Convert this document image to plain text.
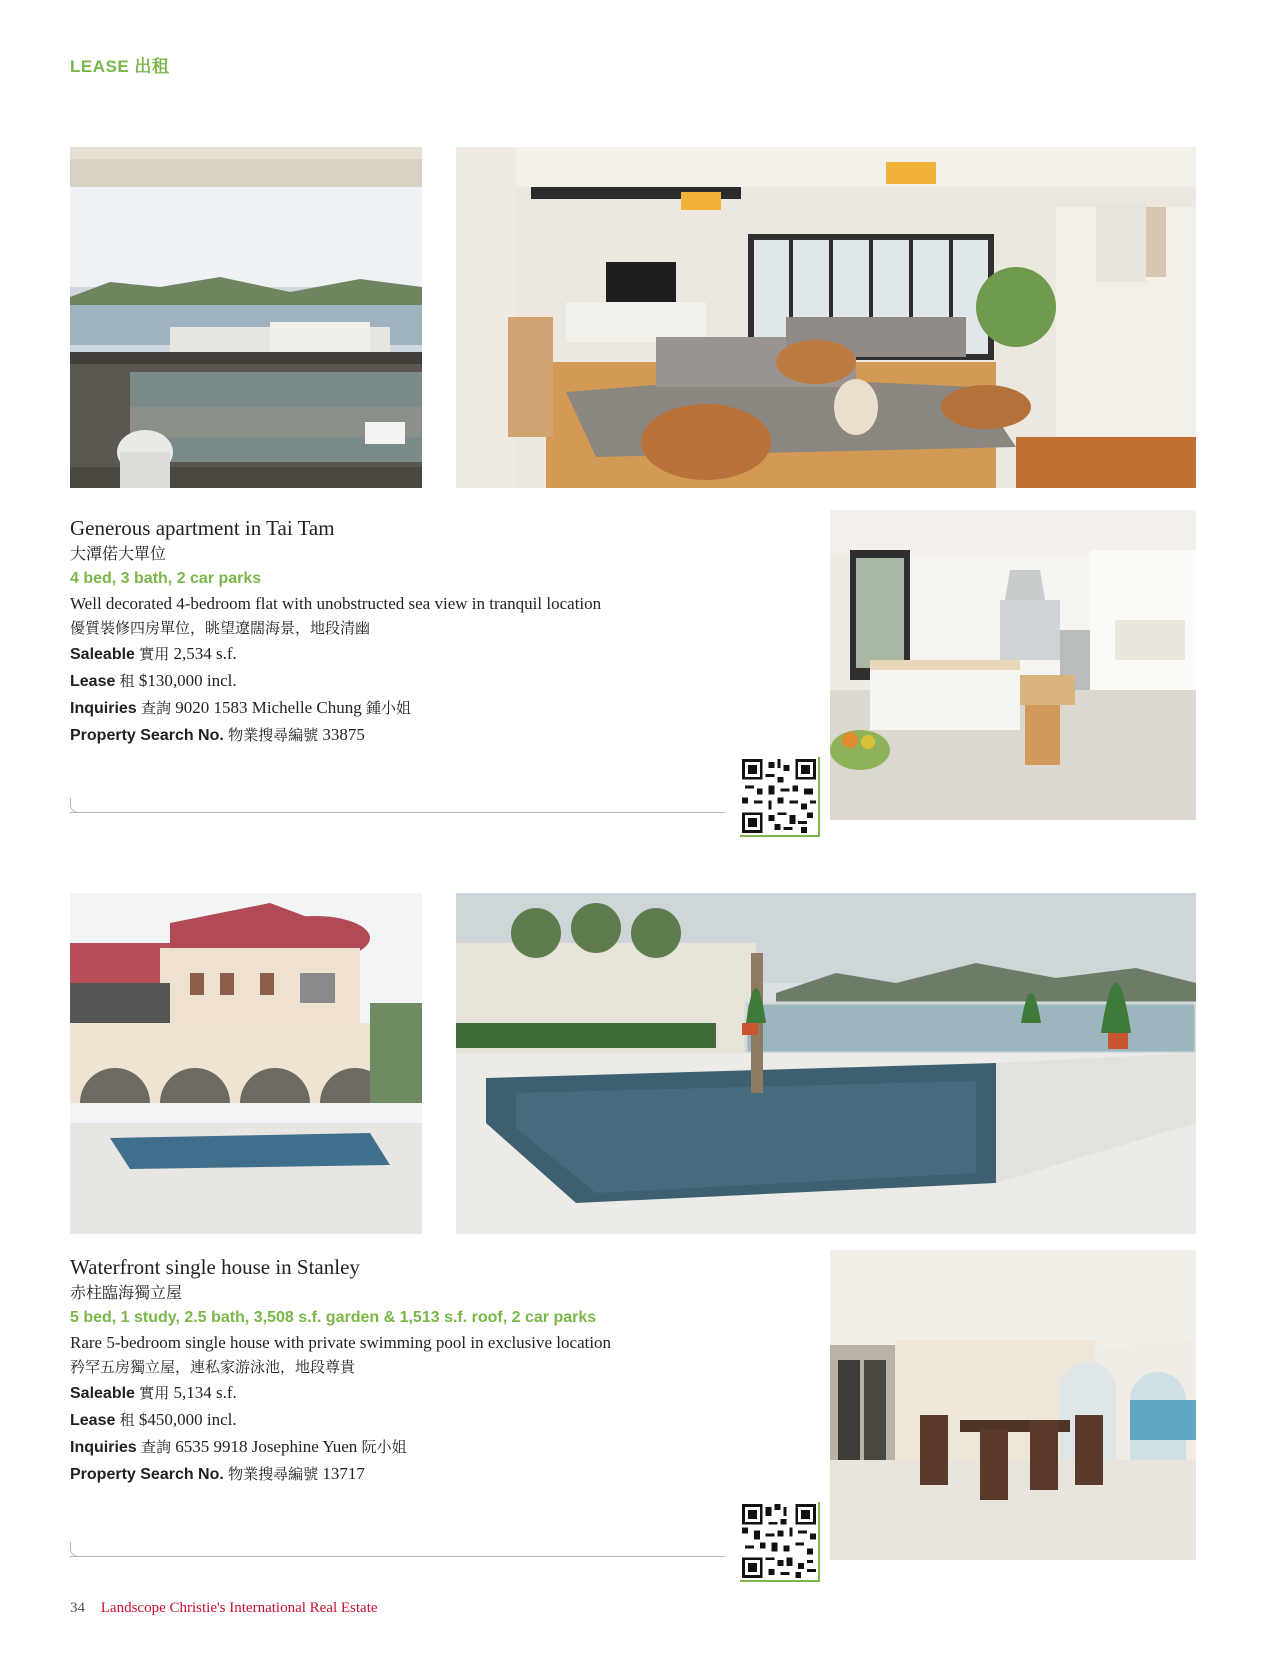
LEASE 出租
Generous apartment in Tai Tam
大潭偌大單位
4 bed, 3 bath, 2 car parks
Well decorated 4-bedroom flat with unobstructed sea view in tranquil location
優質裝修四房單位，眺望遼闊海景，地段清幽
Saleable 實用 2,534 s.f.
Lease 租 $130,000 incl.
Inquiries 查詢 9020 1583 Michelle Chung 鍾小姐
Property Search No. 物業搜尋編號 33875
Waterfront single house in Stanley
赤柱臨海獨立屋
5 bed, 1 study, 2.5 bath, 3,508 s.f. garden & 1,513 s.f. roof, 2 car parks
Rare 5-bedroom single house with private swimming pool in exclusive location
矜罕五房獨立屋，連私家游泳池，地段尊貴
Saleable 實用 5,134 s.f.
Lease 租 $450,000 incl.
Inquiries 查詢 6535 9918 Josephine Yuen 阮小姐
Property Search No. 物業搜尋編號 13717
34 Landscope Christie's International Real Estate
